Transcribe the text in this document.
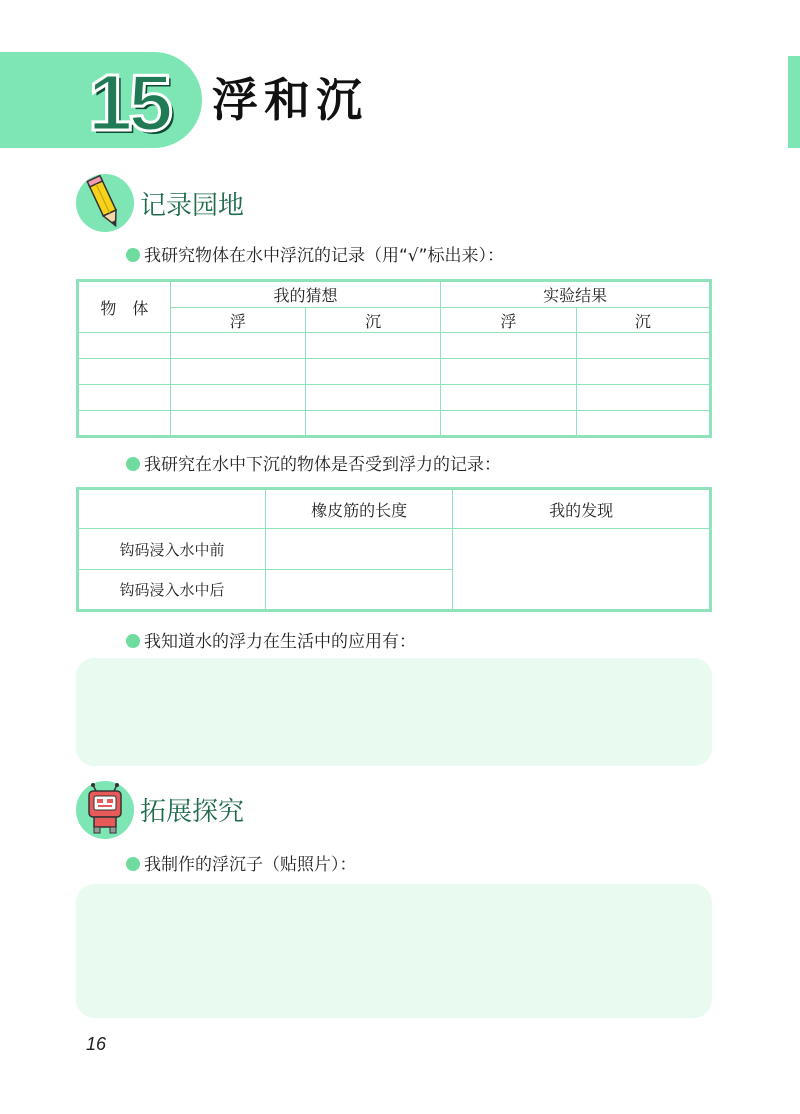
15 浮和沉
记录园地
我研究物体在水中浮沉的记录（用“√”标出来）：
物　体	我的猜想		实验结果	
	浮	沉	浮	沉

我研究在水中下沉的物体是否受到浮力的记录：
	橡皮筋的长度	我的发现
钩码浸入水中前		
钩码浸入水中后		
我知道水的浮力在生活中的应用有：
拓展探究
我制作的浮沉子（贴照片）：
16
